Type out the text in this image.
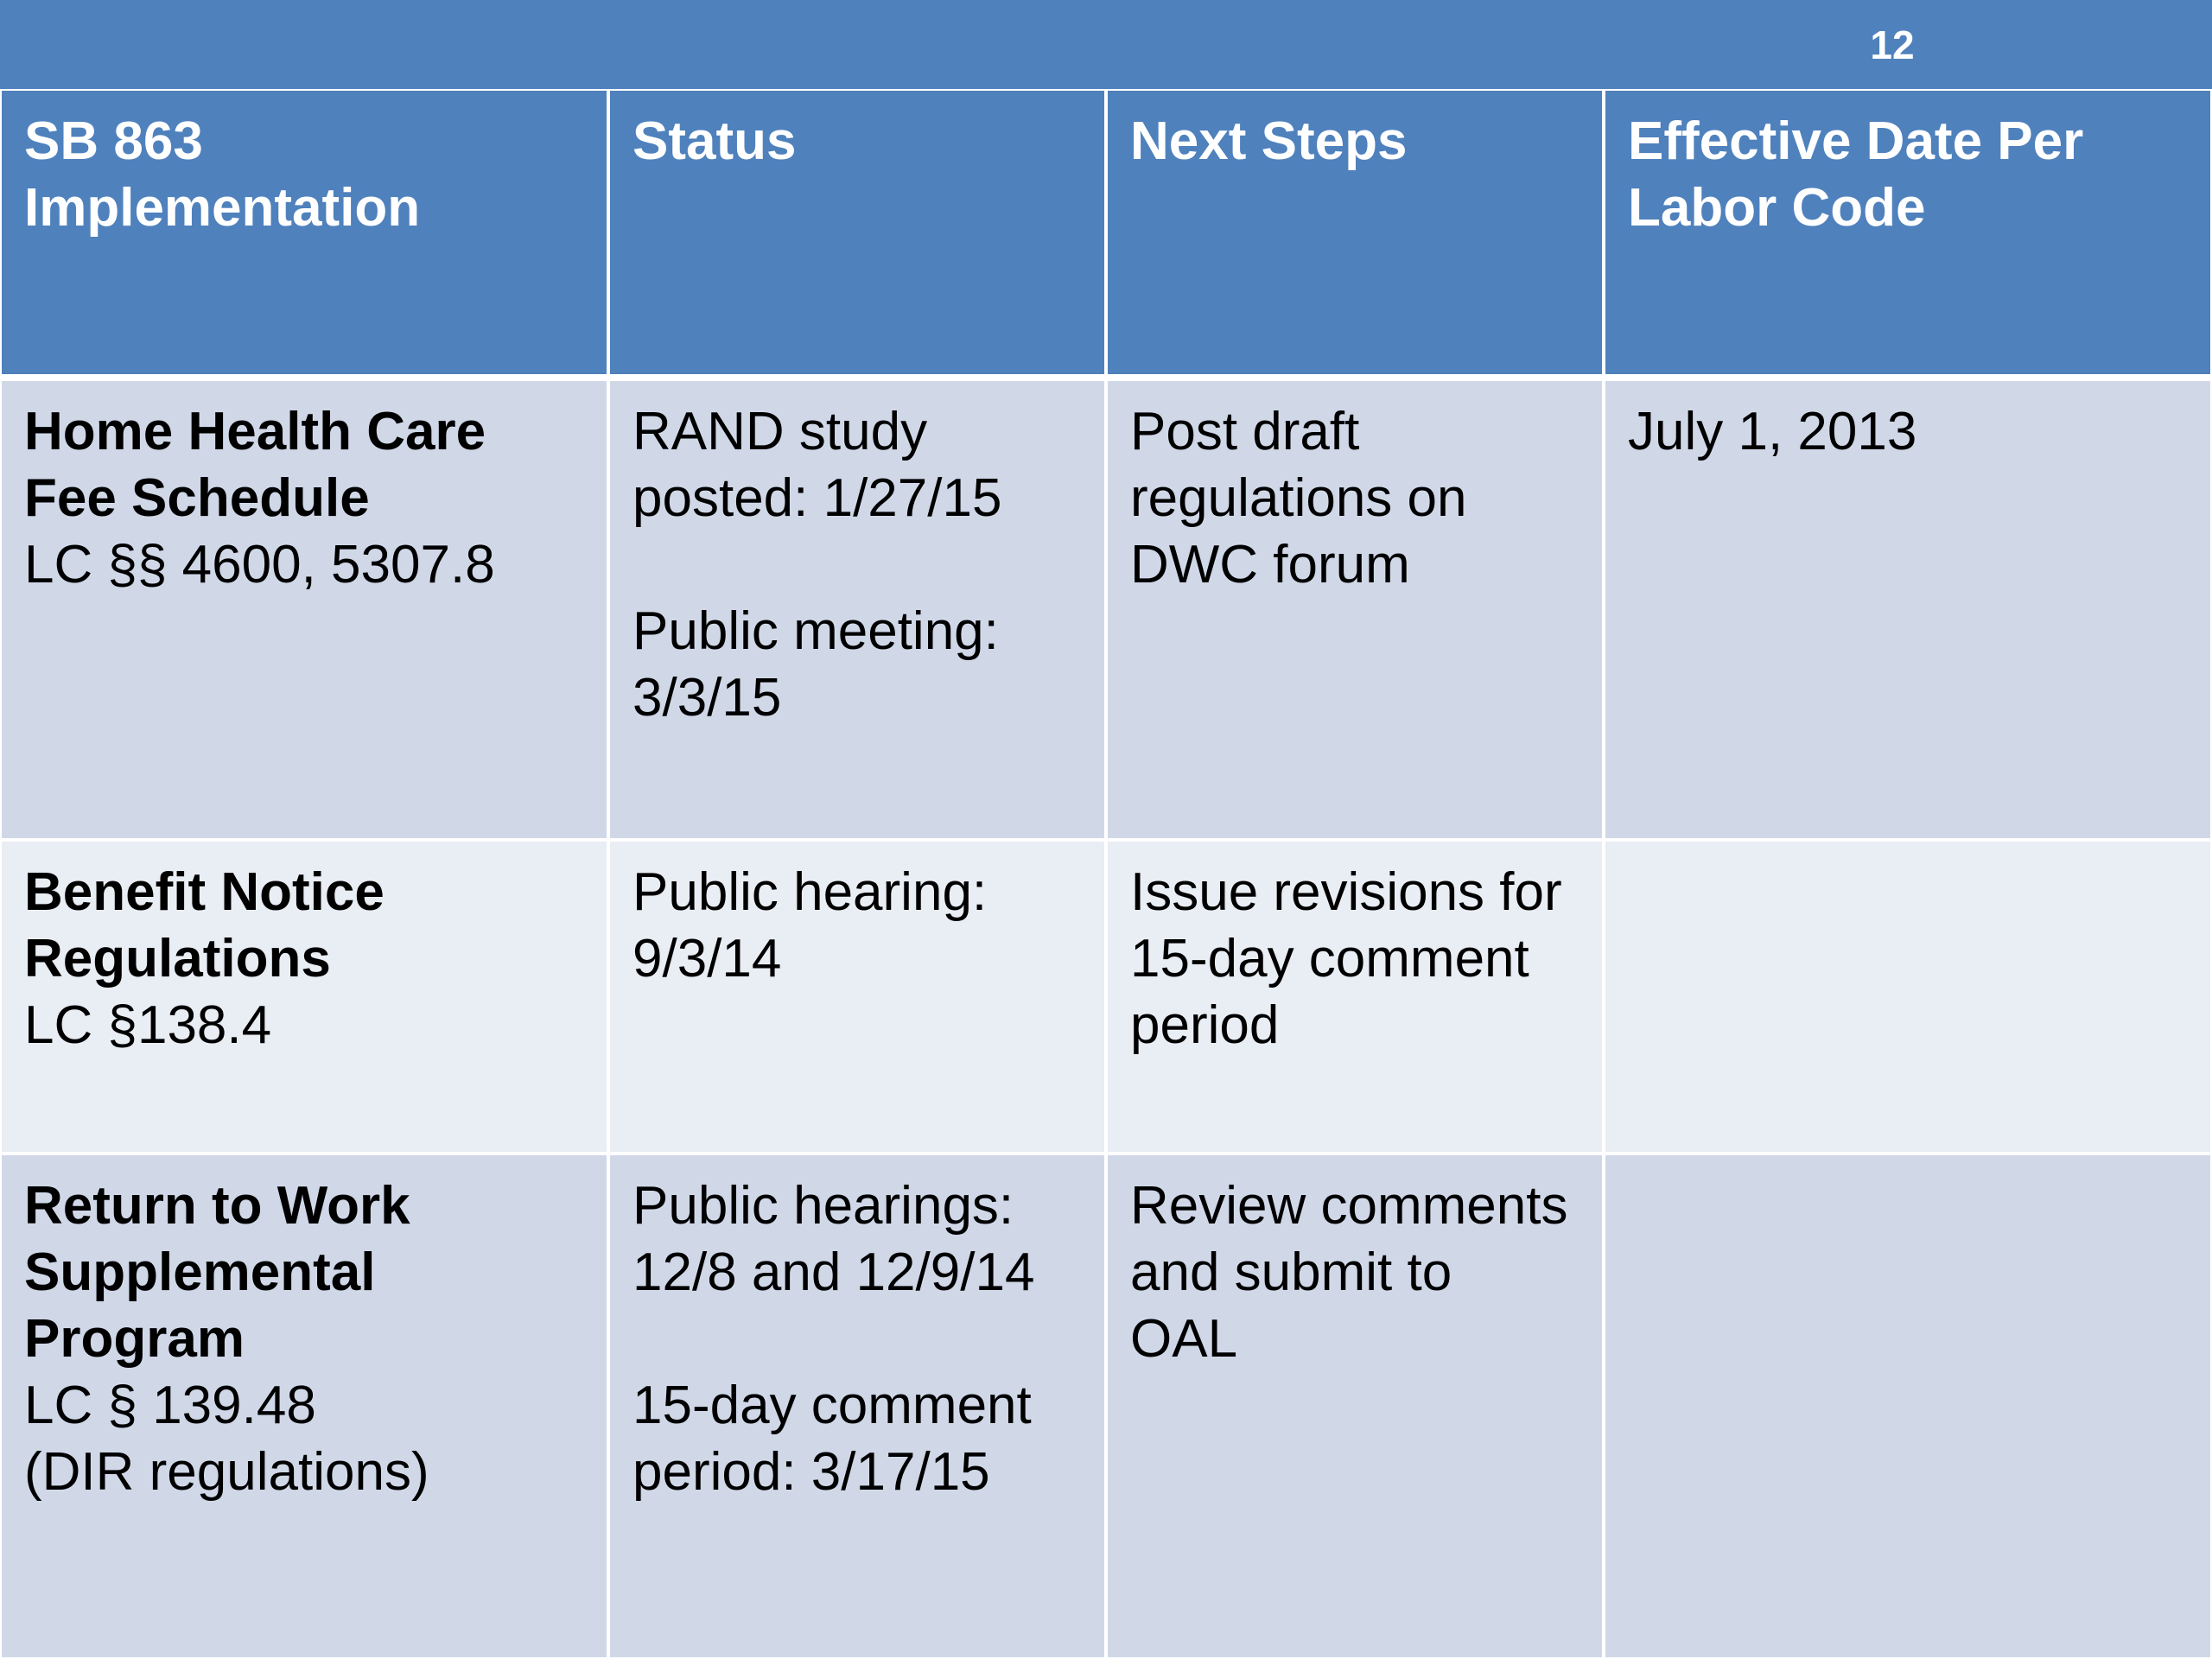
12
SB 863
Implementation
Status	Next Steps	Effective Date Per
Labor Code
Home Health Care
Fee Schedule
LC §§ 4600, 5307.8
RAND study
posted: 1/27/15
Public meeting:
3/3/15
Post draft
regulations on
DWC forum
July 1, 2013
Benefit Notice
Regulations
LC §138.4
Public hearing:
9/3/14
Issue revisions for
15-day comment
period
Return to Work
Supplemental
Program
LC § 139.48
(DIR regulations)
Public hearings:
12/8 and 12/9/14
15-day comment
period: 3/17/15
Review comments
and submit to
OAL
